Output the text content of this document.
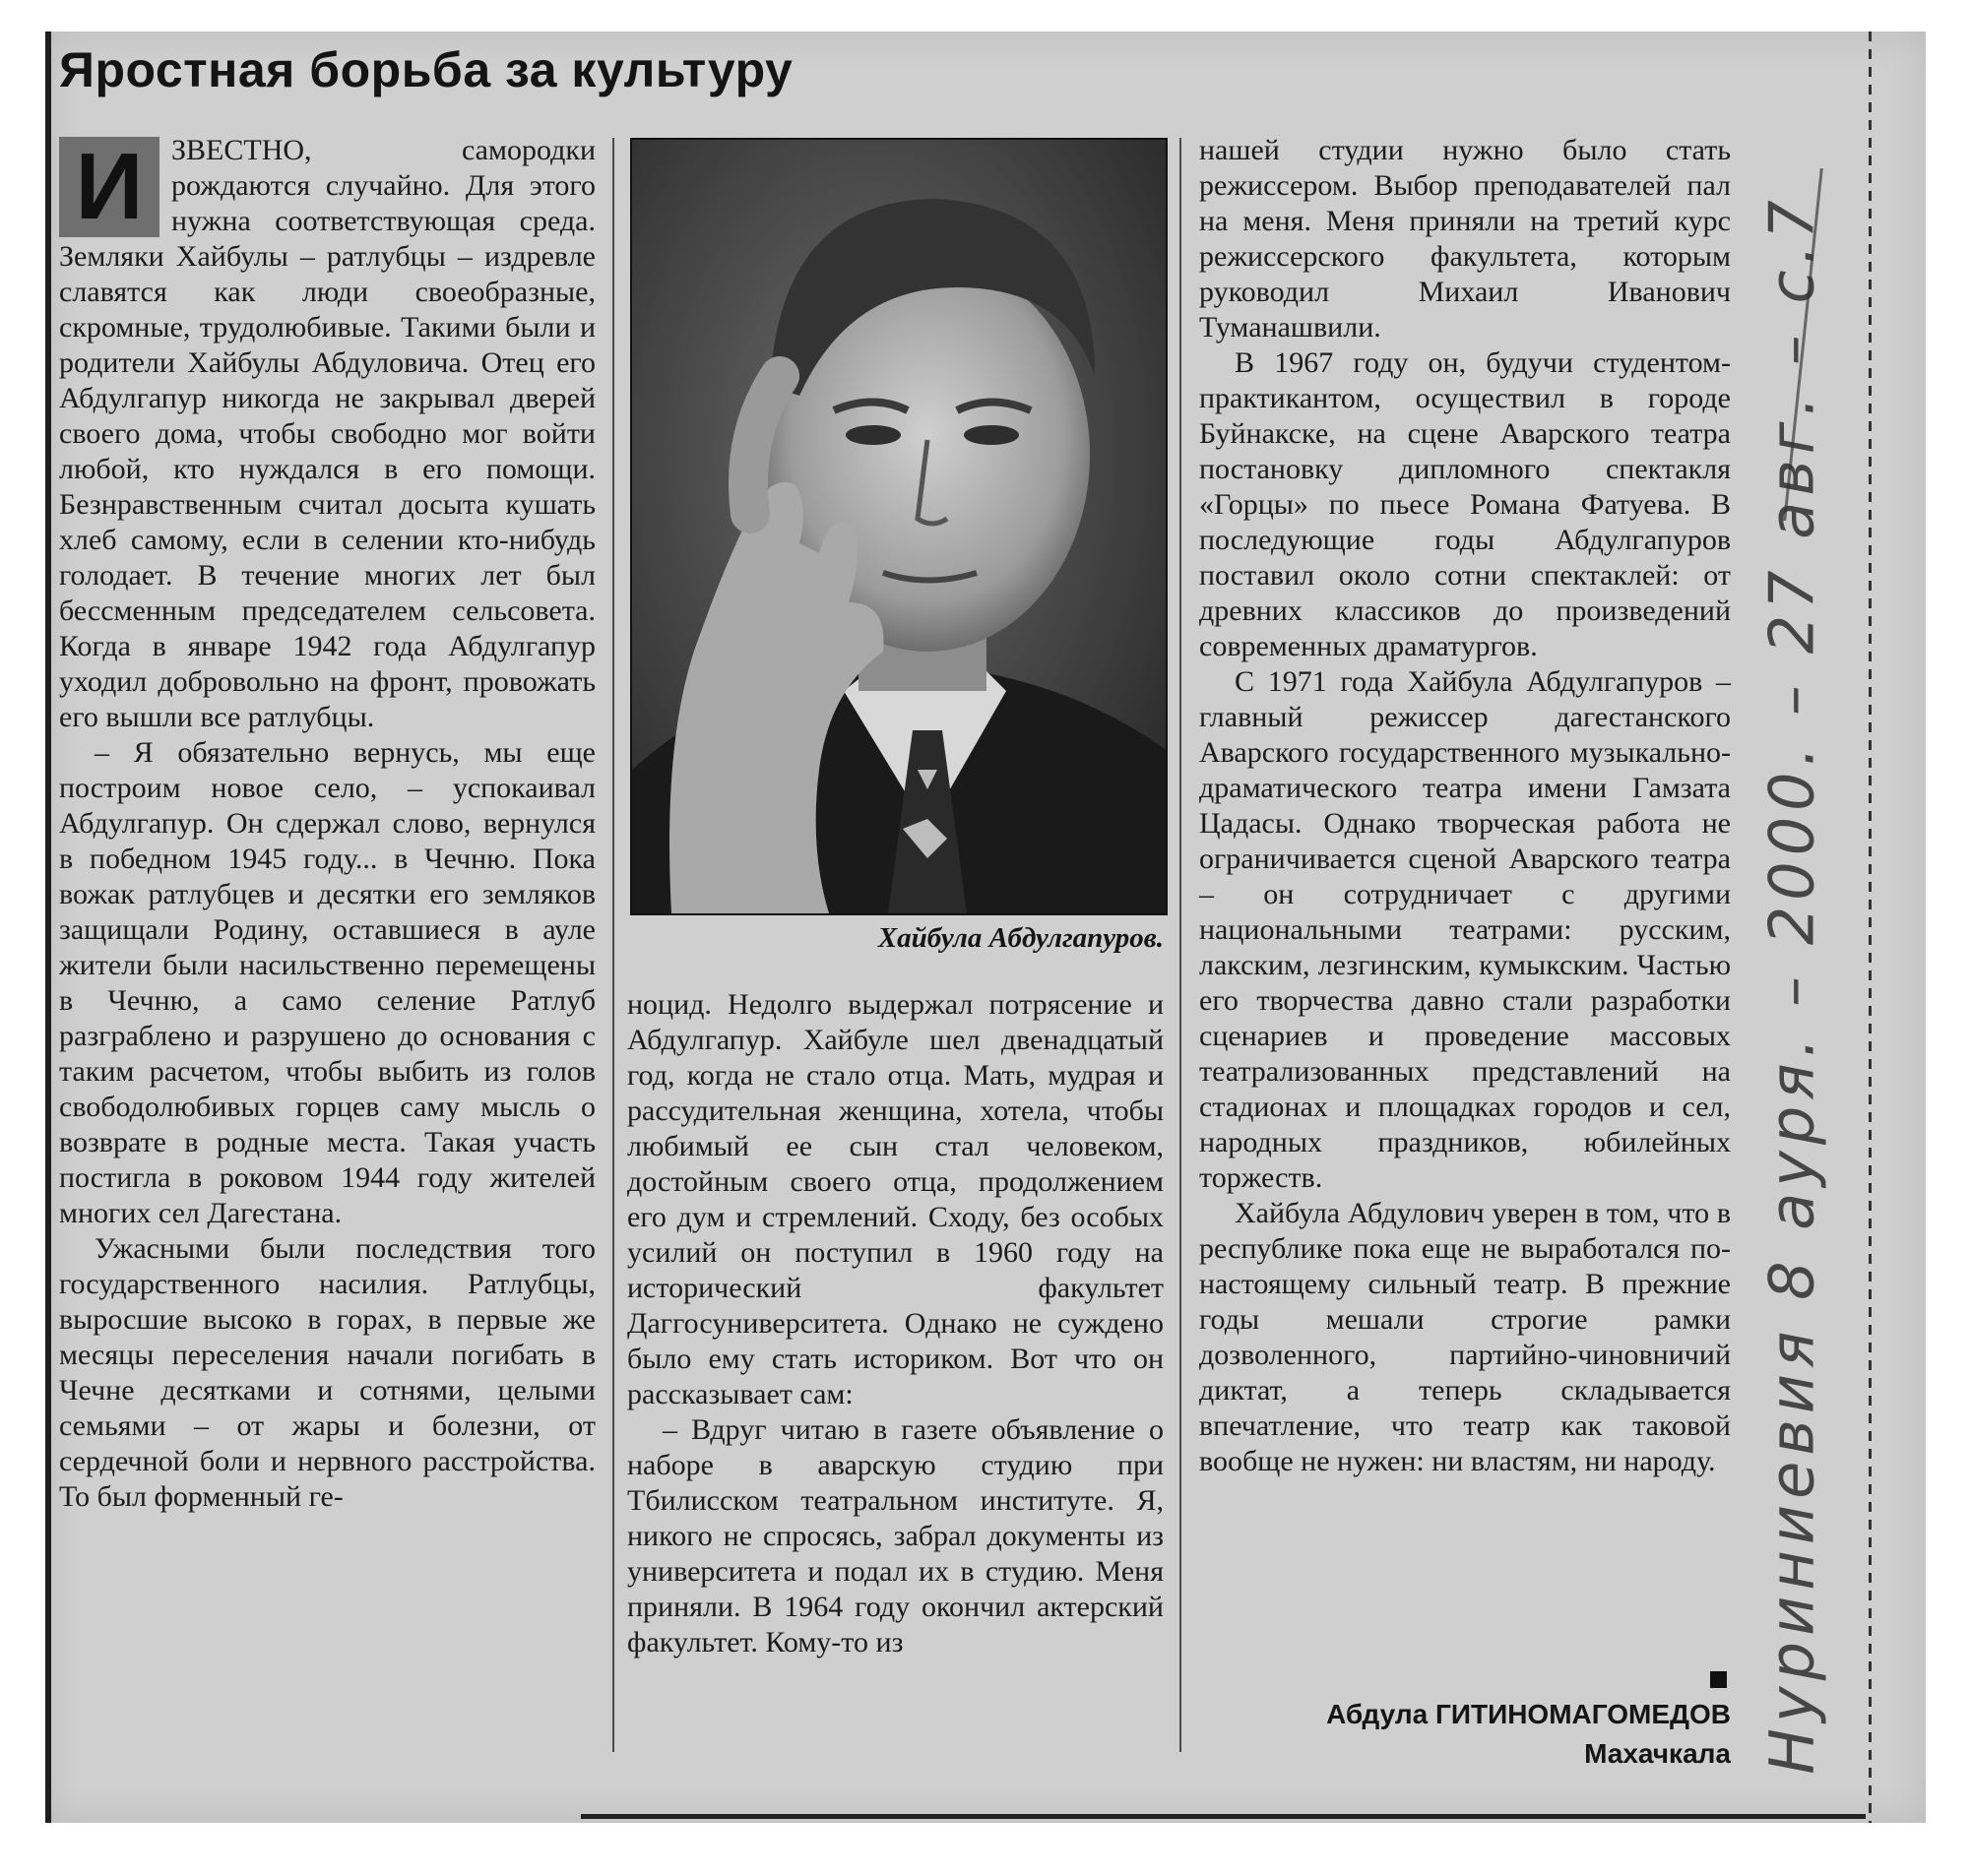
Яростная борьба за культуру
И ЗВЕСТНО, самородки рождаются случайно. Для этого нужна соответствующая среда. Земляки Хайбулы – ратлубцы – издревле славятся как люди своеобразные, скромные, трудолюбивые. Такими были и родители Хайбулы Абдуловича. Отец его Абдулгапур никогда не закрывал дверей своего дома, чтобы свободно мог войти любой, кто нуждался в его помощи. Безнравственным считал досыта кушать хлеб самому, если в селении кто-нибудь голодает. В течение многих лет был бессменным председателем сельсовета. Когда в январе 1942 года Абдулгапур уходил добровольно на фронт, провожать его вышли все ратлубцы.

– Я обязательно вернусь, мы еще построим новое село, – успокаивал Абдулгапур. Он сдержал слово, вернулся в победном 1945 году... в Чечню. Пока вожак ратлубцев и десятки его земляков защищали Родину, оставшиеся в ауле жители были насильственно перемещены в Чечню, а само селение Ратлуб разграблено и разрушено до основания с таким расчетом, чтобы выбить из голов свободолюбивых горцев саму мысль о возврате в родные места. Такая участь постигла в роковом 1944 году жителей многих сел Дагестана.

Ужасными были последствия того государственного насилия. Ратлубцы, выросшие высоко в горах, в первые же месяцы переселения начали погибать в Чечне десятками и сотнями, целыми семьями – от жары и болезни, от сердечной боли и нервного расстройства. То был форменный ге-

Хайбула Абдулгапуров.

ноцид. Недолго выдержал потрясение и Абдулгапур. Хайбуле шел двенадцатый год, когда не стало отца. Мать, мудрая и рассудительная женщина, хотела, чтобы любимый ее сын стал человеком, достойным своего отца, продолжением его дум и стремлений. Сходу, без особых усилий он поступил в 1960 году на исторический факультет Даггосуниверситета. Однако не суждено было ему стать историком. Вот что он рассказывает сам:

– Вдруг читаю в газете объявление о наборе в аварскую студию при Тбилисском театральном институте. Я, никого не спросясь, забрал документы из университета и подал их в студию. Меня приняли. В 1964 году окончил актерский факультет. Кому-то из

нашей студии нужно было стать режиссером. Выбор преподавателей пал на меня. Меня приняли на третий курс режиссерского факультета, которым руководил Михаил Иванович Туманашвили.

В 1967 году он, будучи студентом-практикантом, осуществил в городе Буйнакске, на сцене Аварского театра постановку дипломного спектакля «Горцы» по пьесе Романа Фатуева. В последующие годы Абдулгапуров поставил около сотни спектаклей: от древних классиков до произведений современных драматургов.

С 1971 года Хайбула Абдулгапуров – главный режиссер дагестанского Аварского государственного музыкально-драматического театра имени Гамзата Цадасы. Однако творческая работа не ограничивается сценой Аварского театра – он сотрудничает с другими национальными театрами: русским, лакским, лезгинским, кумыкским. Частью его творчества давно стали разработки сценариев и проведение массовых театрализованных представлений на стадионах и площадках городов и сел, народных праздников, юбилейных торжеств.

Хайбула Абдулович уверен в том, что в республике пока еще не выработался по-настоящему сильный театр. В прежние годы мешали строгие рамки дозволенного, партийно-чиновничий диктат, а теперь складывается впечатление, что театр как таковой вообще не нужен: ни властям, ни народу.

Абдула ГИТИНОМАГОМЕДОВ
Махачкала Нуриниевия 8 ауря. – 2000. – 27 авг. – с.7
